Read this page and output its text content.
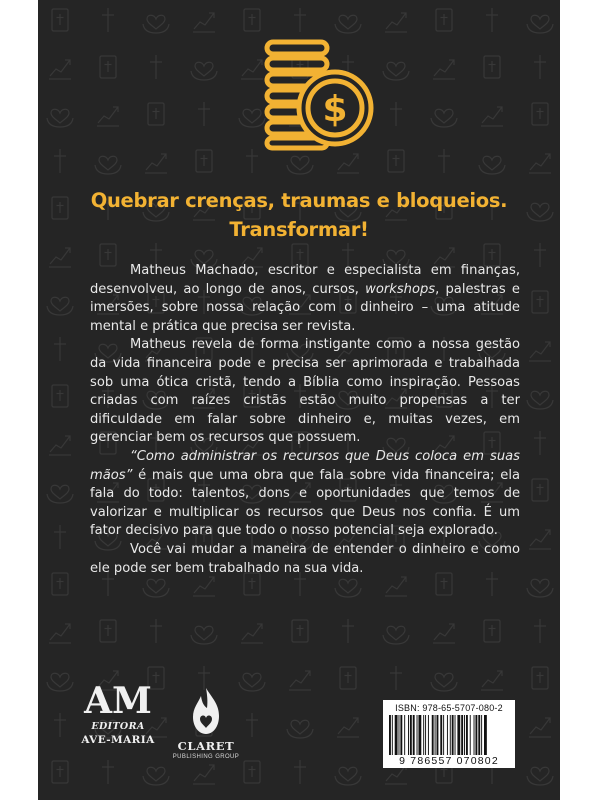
$
Quebrar crenças, traumas e bloqueios.
Transformar!

Matheus Machado, escritor e especialista em finanças, desenvolveu, ao longo de anos, cursos, workshops, palestras e imersões, sobre nossa relação com o dinheiro – uma atitude mental e prática que precisa ser revista.

Matheus revela de forma instigante como a nossa gestão da vida financeira pode e precisa ser aprimorada e trabalhada sob uma ótica cristã, tendo a Bíblia como inspiração. Pessoas criadas com raízes cristãs estão muito propensas a ter dificuldade em falar sobre dinheiro e, muitas vezes, em gerenciar bem os recursos que possuem.

“Como administrar os recursos que Deus coloca em suas mãos” é mais que uma obra que fala sobre vida financeira; ela fala do todo: talentos, dons e oportunidades que temos de valorizar e multiplicar os recursos que Deus nos confia. É um fator decisivo para que todo o nosso potencial seja explorado.

Você vai mudar a maneira de entender o dinheiro e como ele pode ser bem trabalhado na sua vida.

AM
EDITORA
AVE-MARIA	CLARET
PUBLISHING GROUP
ISBN: 978-65-5707-080-2
9 786557 070802
